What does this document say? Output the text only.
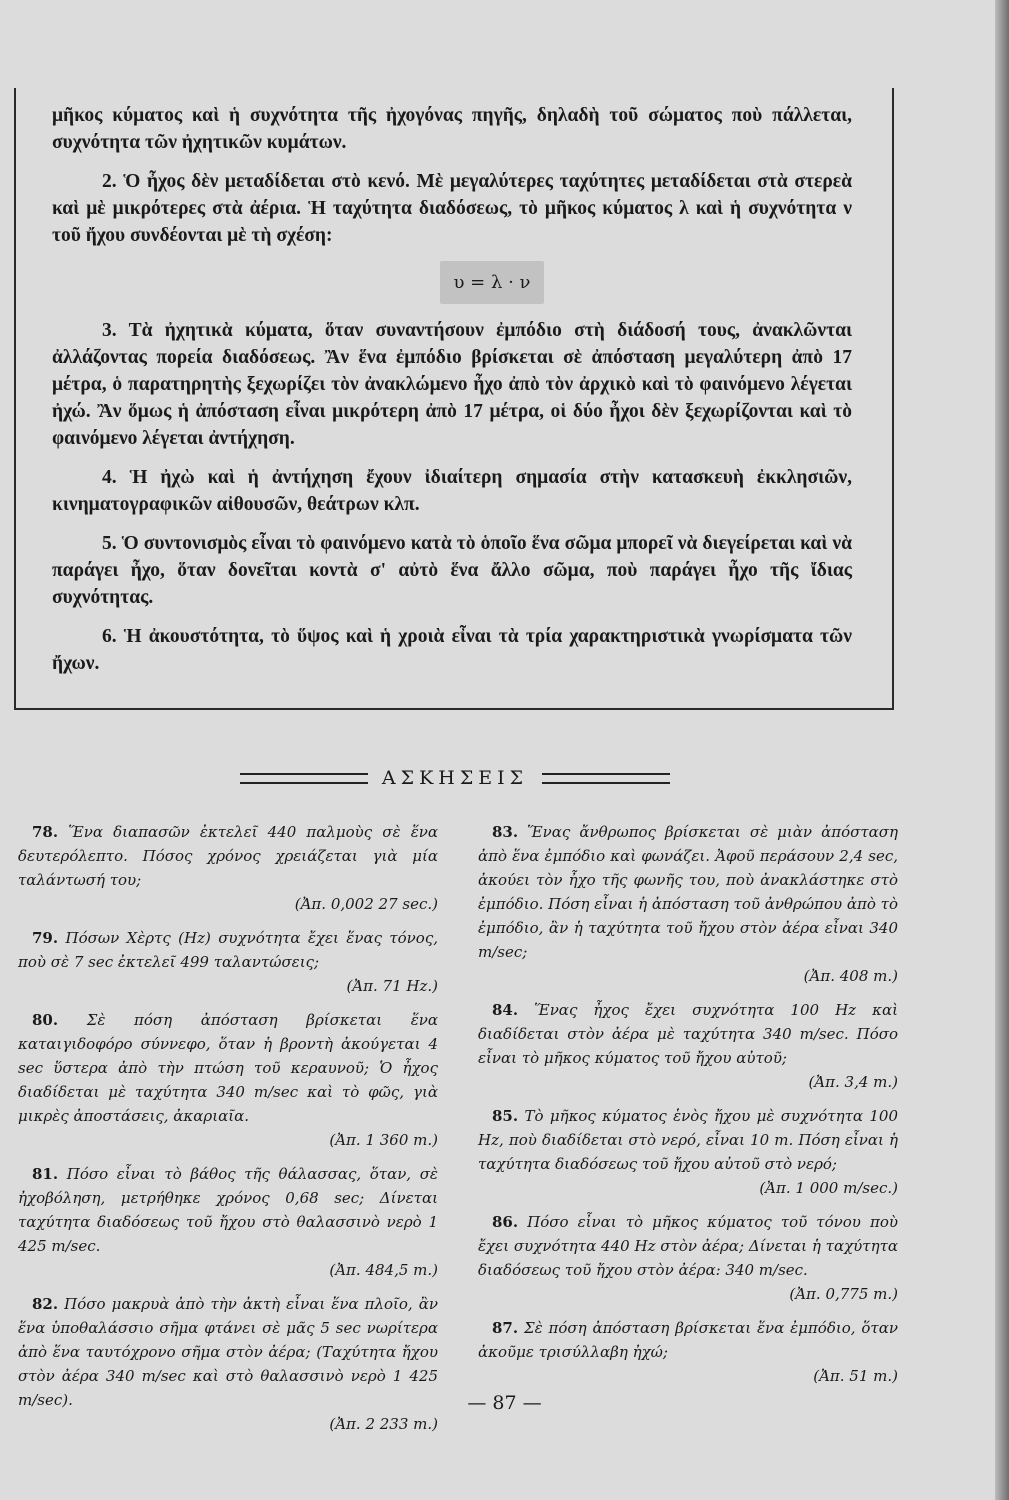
μῆκος κύματος καὶ ἡ συχνότητα τῆς ἠχογόνας πηγῆς, δηλαδὴ τοῦ σώματος ποὺ πάλλεται, συχνότητα τῶν ἠχητικῶν κυμάτων.

2. Ὁ ἦχος δὲν μεταδίδεται στὸ κενό. Μὲ μεγαλύτερες ταχύτητες μεταδίδεται στὰ στερεὰ καὶ μὲ μικρότερες στὰ ἀέρια. Ἡ ταχύτητα διαδόσεως, τὸ μῆκος κύματος λ καὶ ἡ συχνότητα ν τοῦ ἤχου συνδέονται μὲ τὴ σχέση:

υ = λ · ν

3. Τὰ ἠχητικὰ κύματα, ὅταν συναντήσουν ἐμπόδιο στὴ διάδοσή τους, ἀνακλῶνται ἀλλάζοντας πορεία διαδόσεως. Ἂν ἕνα ἐμπόδιο βρίσκεται σὲ ἀπόσταση μεγαλύτερη ἀπὸ 17 μέτρα, ὁ παρατηρητὴς ξεχωρίζει τὸν ἀνακλώμενο ἦχο ἀπὸ τὸν ἀρχικὸ καὶ τὸ φαινόμενο λέγεται ἠχώ. Ἂν ὅμως ἡ ἀπόσταση εἶναι μικρότερη ἀπὸ 17 μέτρα, οἱ δύο ἦχοι δὲν ξεχωρίζονται καὶ τὸ φαινόμενο λέγεται ἀντήχηση.

4. Ἡ ἠχὼ καὶ ἡ ἀντήχηση ἔχουν ἰδιαίτερη σημασία στὴν κατασκευὴ ἐκκλησιῶν, κινηματογραφικῶν αἰθουσῶν, θεάτρων κλπ.

5. Ὁ συντονισμὸς εἶναι τὸ φαινόμενο κατὰ τὸ ὁποῖο ἕνα σῶμα μπορεῖ νὰ διεγείρεται καὶ νὰ παράγει ἦχο, ὅταν δονεῖται κοντὰ σ' αὐτὸ ἕνα ἄλλο σῶμα, ποὺ παράγει ἦχο τῆς ἴδιας συχνότητας.

6. Ἡ ἀκουστότητα, τὸ ὕψος καὶ ἡ χροιὰ εἶναι τὰ τρία χαρακτηριστικὰ γνωρίσματα τῶν ἤχων.

ΑΣΚΗΣΕΙΣ

78. Ἕνα διαπασῶν ἐκτελεῖ 440 παλμοὺς σὲ ἕνα δευτερόλεπτο. Πόσος χρόνος χρειάζεται γιὰ μία ταλάντωσή του;
(Ἀπ. 0,002 27 sec.)

79. Πόσων Χὲρτς (Hz) συχνότητα ἔχει ἕνας τόνος, ποὺ σὲ 7 sec ἐκτελεῖ 499 ταλαντώσεις;
(Ἀπ. 71 Hz.)

80. Σὲ πόση ἀπόσταση βρίσκεται ἕνα καταιγιδοφόρο σύννεφο, ὅταν ἡ βροντὴ ἀκούγεται 4 sec ὕστερα ἀπὸ τὴν πτώση τοῦ κεραυνοῦ; Ὁ ἦχος διαδίδεται μὲ ταχύτητα 340 m/sec καὶ τὸ φῶς, γιὰ μικρὲς ἀποστάσεις, ἀκαριαῖα.
(Ἀπ. 1 360 m.)

81. Πόσο εἶναι τὸ βάθος τῆς θάλασσας, ὅταν, σὲ ἠχοβόληση, μετρήθηκε χρόνος 0,68 sec; Δίνεται ταχύτητα διαδόσεως τοῦ ἤχου στὸ θαλασσινὸ νερὸ 1 425 m/sec.
(Ἀπ. 484,5 m.)

82. Πόσο μακρυὰ ἀπὸ τὴν ἀκτὴ εἶναι ἕνα πλοῖο, ἂν ἕνα ὑποθαλάσσιο σῆμα φτάνει σὲ μᾶς 5 sec νωρίτερα ἀπὸ ἕνα ταυτόχρονο σῆμα στὸν ἀέρα; (Ταχύτητα ἤχου στὸν ἀέρα 340 m/sec καὶ στὸ θαλασσινὸ νερὸ 1 425 m/sec).
(Ἀπ. 2 233 m.)

83. Ἕνας ἄνθρωπος βρίσκεται σὲ μιὰν ἀπόσταση ἀπὸ ἕνα ἐμπόδιο καὶ φωνάζει. Ἀφοῦ περάσουν 2,4 sec, ἀκούει τὸν ἦχο τῆς φωνῆς του, ποὺ ἀνακλάστηκε στὸ ἐμπόδιο. Πόση εἶναι ἡ ἀπόσταση τοῦ ἀνθρώπου ἀπὸ τὸ ἐμπόδιο, ἂν ἡ ταχύτητα τοῦ ἤχου στὸν ἀέρα εἶναι 340 m/sec;
(Ἀπ. 408 m.)

84. Ἕνας ἦχος ἔχει συχνότητα 100 Hz καὶ διαδίδεται στὸν ἀέρα μὲ ταχύτητα 340 m/sec. Πόσο εἶναι τὸ μῆκος κύματος τοῦ ἤχου αὐτοῦ;
(Ἀπ. 3,4 m.)

85. Τὸ μῆκος κύματος ἑνὸς ἤχου μὲ συχνότητα 100 Hz, ποὺ διαδίδεται στὸ νερό, εἶναι 10 m. Πόση εἶναι ἡ ταχύτητα διαδόσεως τοῦ ἤχου αὐτοῦ στὸ νερό;
(Ἀπ. 1 000 m/sec.)

86. Πόσο εἶναι τὸ μῆκος κύματος τοῦ τόνου ποὺ ἔχει συχνότητα 440 Hz στὸν ἀέρα; Δίνεται ἡ ταχύτητα διαδόσεως τοῦ ἤχου στὸν ἀέρα: 340 m/sec.
(Ἀπ. 0,775 m.)

87. Σὲ πόση ἀπόσταση βρίσκεται ἕνα ἐμπόδιο, ὅταν ἀκοῦμε τρισύλλαβη ἠχώ;
(Ἀπ. 51 m.)

— 87 —
